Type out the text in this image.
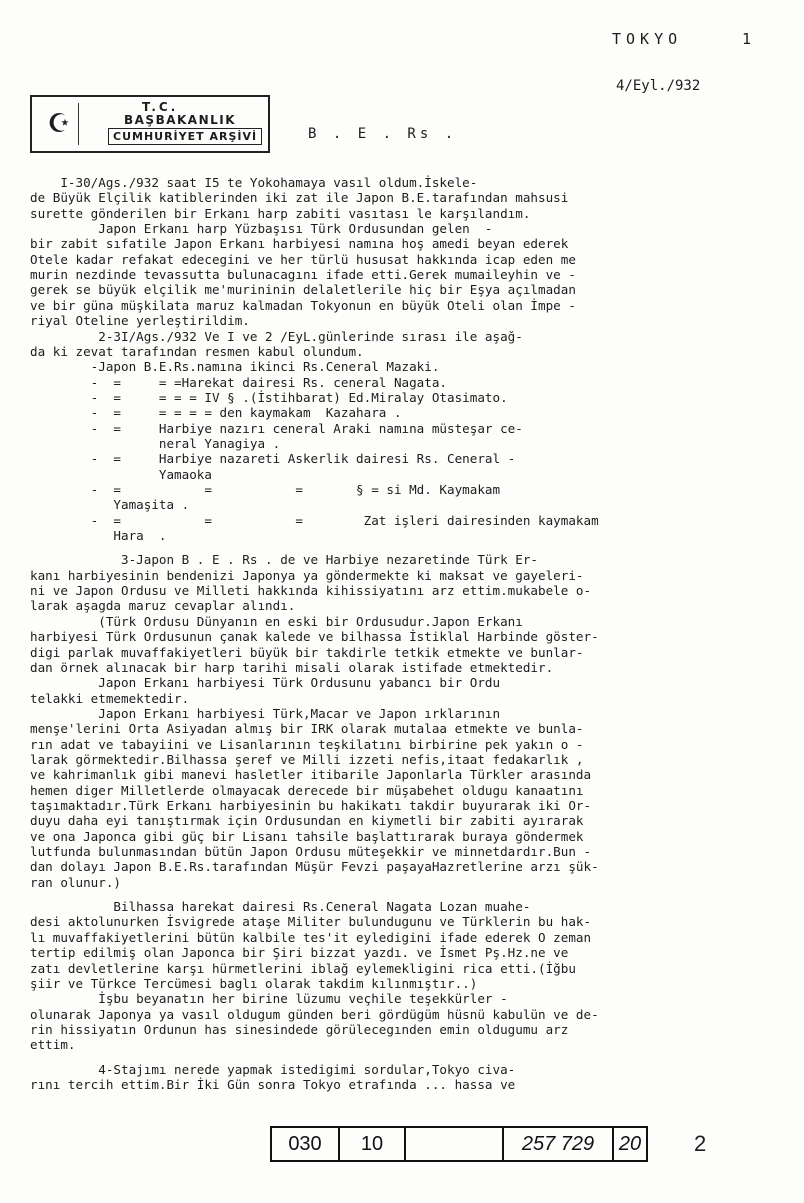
TOKYO	1
4/Eyl./932
☪
T.C.
BAŞBAKANLIK
CUMHURİYET ARŞİVİ	B . E . Rs .
I-30/Ags./932 saat I5 te Yokohamaya vasıl oldum.İskele-
de Büyük Elçilik katiblerinden iki zat ile Japon B.E.tarafından mahsusi
surette gönderilen bir Erkanı harp zabiti vasıtası le karşılandım.
Japon Erkanı harp Yüzbaşısı Türk Ordusundan gelen  -
bir zabit sıfatile Japon Erkanı harbiyesi namına hoş amedi beyan ederek
Otele kadar refakat edecegini ve her türlü hususat hakkında icap eden me
murin nezdinde tevassutta bulunacagını ifade etti.Gerek mumaileyhin ve -
gerek se büyük elçilik me'murininin delaletlerile hiç bir Eşya açılmadan
ve bir güna müşkilata maruz kalmadan Tokyonun en büyük Oteli olan İmpe -
riyal Oteline yerleştirildim.
2-3I/Ags./932 Ve I ve 2 /EyL.günlerinde sırası ile aşağ-
da ki zevat tarafından resmen kabul olundum.
-Japon B.E.Rs.namına ikinci Rs.Ceneral Mazaki.
-  =     = =Harekat dairesi Rs. ceneral Nagata.
-  =     = = = IV § .(İstihbarat) Ed.Miralay Otasimato.
-  =     = = = = den kaymakam  Kazahara .
-  =     Harbiye nazırı ceneral Araki namına müsteşar ce-
neral Yanagiya .
-  =     Harbiye nazareti Askerlik dairesi Rs. Ceneral -
Yamaoka
-  =           =           =       § = si Md. Kaymakam
Yamaşita .
-  =           =           =        Zat işleri dairesinden kaymakam
Hara  .
3-Japon B . E . Rs . de ve Harbiye nezaretinde Türk Er-
kanı harbiyesinin bendenizi Japonya ya göndermekte ki maksat ve gayeleri-
ni ve Japon Ordusu ve Milleti hakkında kihissiyatını arz ettim.mukabele o-
larak aşagda maruz cevaplar alındı.
(Türk Ordusu Dünyanın en eski bir Ordusudur.Japon Erkanı
harbiyesi Türk Ordusunun çanak kalede ve bilhassa İstiklal Harbinde göster-
digi parlak muvaffakiyetleri büyük bir takdirle tetkik etmekte ve bunlar-
dan örnek alınacak bir harp tarihi misali olarak istifade etmektedir.
Japon Erkanı harbiyesi Türk Ordusunu yabancı bir Ordu
telakki etmemektedir.
Japon Erkanı harbiyesi Türk,Macar ve Japon ırklarının
menşe'lerini Orta Asiyadan almış bir IRK olarak mutalaa etmekte ve bunla-
rın adat ve tabayiini ve Lisanlarının teşkilatını birbirine pek yakın o -
larak görmektedir.Bilhassa şeref ve Milli izzeti nefis,itaat fedakarlık ,
ve kahrimanlık gibi manevi hasletler itibarile Japonlarla Türkler arasında
hemen diger Milletlerde olmayacak derecede bir müşabehet oldugu kanaatını
taşımaktadır.Türk Erkanı harbiyesinin bu hakikatı takdir buyurarak iki Or-
duyu daha eyi tanıştırmak için Ordusundan en kiymetli bir zabiti ayırarak
ve ona Japonca gibi güç bir Lisanı tahsile başlattırarak buraya göndermek
lutfunda bulunmasından bütün Japon Ordusu müteşekkir ve minnetdardır.Bun -
dan dolayı Japon B.E.Rs.tarafından Müşür Fevzi paşayaHazretlerine arzı şük-
ran olunur.)
Bilhassa harekat dairesi Rs.Ceneral Nagata Lozan muahe-
desi aktolunurken İsvigrede ataşe Militer bulundugunu ve Türklerin bu hak-
lı muvaffakiyetlerini bütün kalbile tes'it eyledigini ifade ederek O zeman
tertip edilmiş olan Japonca bir Şiri bizzat yazdı. ve İsmet Pş.Hz.ne ve
zatı devletlerine karşı hürmetlerini iblağ eylemekligini rica etti.(İğbu
şiir ve Türkce Tercümesi baglı olarak takdim kılınmıştır..)
İşbu beyanatın her birine lüzumu veçhile teşekkürler -
olunarak Japonya ya vasıl oldugum günden beri gördügüm hüsnü kabulün ve de-
rin hissiyatın Ordunun has sinesindede görülecegınden emin oldugumu arz
ettim.
4-Stajımı nerede yapmak istedigimi sordular,Tokyo civa-
rını tercih ettim.Bir İki Gün sonra Tokyo etrafında ... hassa ve
030	10	257 729	20	2
